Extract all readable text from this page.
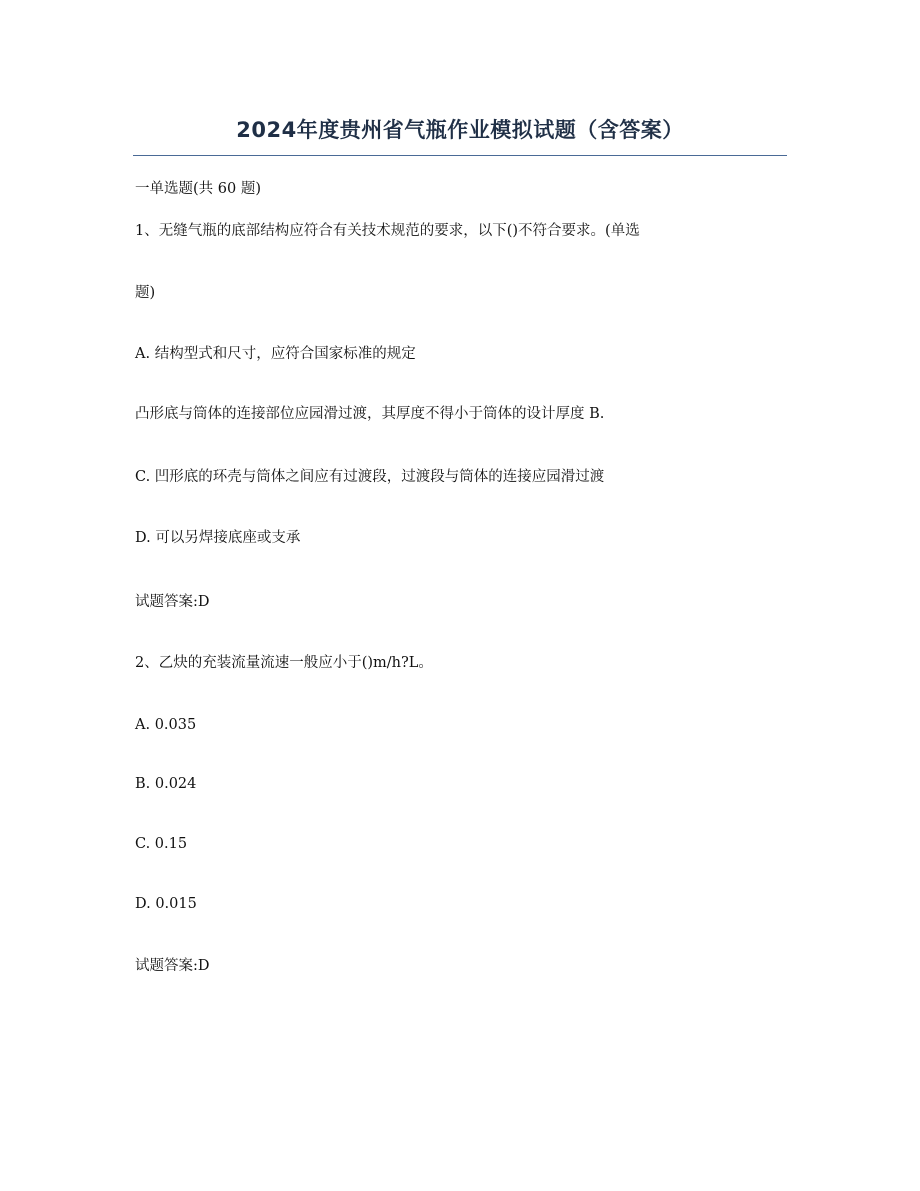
2024年度贵州省气瓶作业模拟试题（含答案）
一单选题(共 60 题)
1、无缝气瓶的底部结构应符合有关技术规范的要求，以下()不符合要求。(单选
题)
A. 结构型式和尺寸，应符合国家标准的规定
凸形底与筒体的连接部位应园滑过渡，其厚度不得小于筒体的设计厚度 B.
C. 凹形底的环壳与筒体之间应有过渡段，过渡段与筒体的连接应园滑过渡
D. 可以另焊接底座或支承
试题答案:D
2、乙炔的充装流量流速一般应小于()m/h?L。
A. 0.035
B. 0.024
C. 0.15
D. 0.015
试题答案:D
